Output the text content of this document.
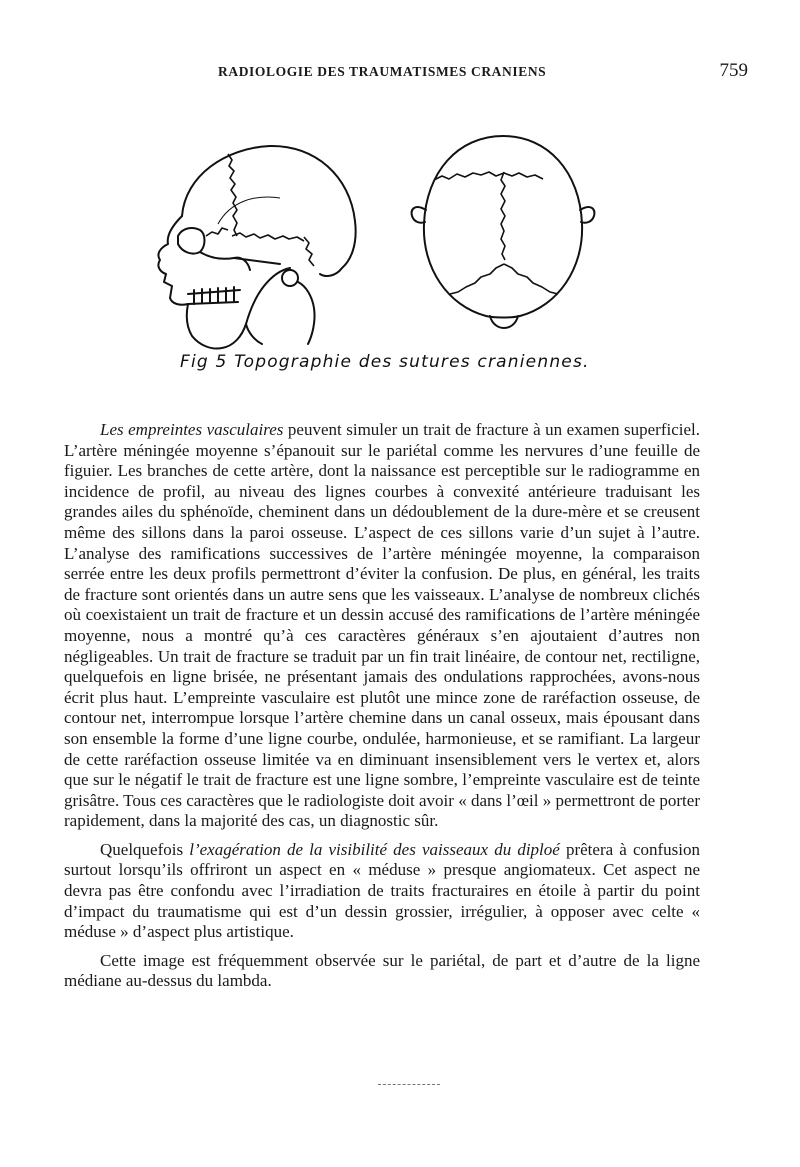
RADIOLOGIE DES TRAUMATISMES CRANIENS	759
Fig 5 Topographie des sutures craniennes.

Les empreintes vasculaires peuvent simuler un trait de fracture à un examen superficiel. L’artère méningée moyenne s’épanouit sur le pariétal comme les nervures d’une feuille de figuier. Les branches de cette artère, dont la naissance est perceptible sur le radiogramme en incidence de profil, au niveau des lignes courbes à convexité antérieure traduisant les grandes ailes du sphénoïde, cheminent dans un dédoublement de la dure-mère et se creusent même des sillons dans la paroi osseuse. L’aspect de ces sillons varie d’un sujet à l’autre. L’analyse des ramifications successives de l’artère méningée moyenne, la comparaison serrée entre les deux profils permettront d’éviter la confusion. De plus, en général, les traits de fracture sont orientés dans un autre sens que les vaisseaux. L’analyse de nombreux clichés où coexistaient un trait de fracture et un dessin accusé des ramifications de l’artère méningée moyenne, nous a montré qu’à ces caractères généraux s’en ajoutaient d’autres non négligeables. Un trait de fracture se traduit par un fin trait linéaire, de contour net, rectiligne, quelquefois en ligne brisée, ne présentant jamais des ondulations rapprochées, avons-nous écrit plus haut. L’empreinte vasculaire est plutôt une mince zone de raréfaction osseuse, de contour net, interrompue lorsque l’artère chemine dans un canal osseux, mais épousant dans son ensemble la forme d’une ligne courbe, ondulée, harmonieuse, et se ramifiant. La largeur de cette raréfaction osseuse limitée va en diminuant insensiblement vers le vertex et, alors que sur le négatif le trait de fracture est une ligne sombre, l’empreinte vasculaire est de teinte grisâtre. Tous ces caractères que le radiologiste doit avoir « dans l’œil » permettront de porter rapidement, dans la majorité des cas, un diagnostic sûr.

Quelquefois l’exagération de la visibilité des vaisseaux du diploé prêtera à confusion surtout lorsqu’ils offriront un aspect en « méduse » presque angiomateux. Cet aspect ne devra pas être confondu avec l’irradiation de traits fracturaires en étoile à partir du point d’impact du traumatisme qui est d’un dessin grossier, irrégulier, à opposer avec celte « méduse » d’aspect plus artistique.

Cette image est fréquemment observée sur le pariétal, de part et d’autre de la ligne médiane au-dessus du lambda.
